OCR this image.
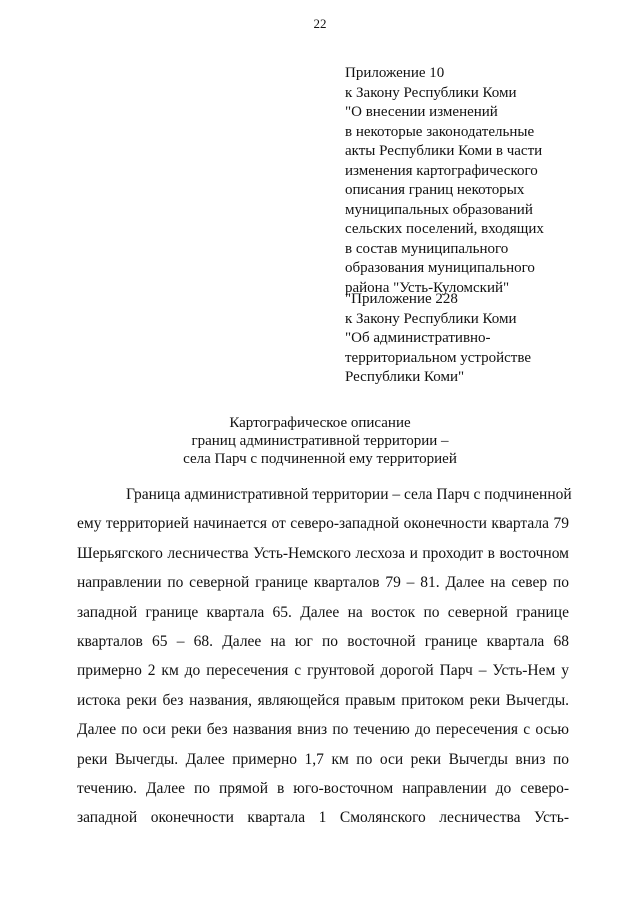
22
Приложение 10
к Закону Республики Коми
"О внесении изменений
в некоторые законодательные
акты Республики Коми в части
изменения картографического
описания границ некоторых
муниципальных образований
сельских поселений, входящих
в состав муниципального
образования муниципального
района "Усть-Куломский"
"Приложение 228
к Закону Республики Коми
"Об административно-
территориальном устройстве
Республики Коми"
Картографическое описание
границ административной территории –
села Парч с подчиненной ему территорией
Граница административной территории – села Парч с подчиненной
ему территорией начинается от северо-западной оконечности квартала 79
Шерьягского лесничества Усть-Немского лесхоза и проходит в восточном
направлении по северной границе кварталов 79 – 81. Далее на север по
западной границе квартала 65. Далее на восток по северной границе
кварталов 65 – 68. Далее на юг по восточной границе квартала 68
примерно 2 км до пересечения с грунтовой дорогой Парч – Усть-Нем у
истока реки без названия, являющейся правым притоком реки Вычегды.
Далее по оси реки без названия вниз по течению до пересечения с осью
реки Вычегды. Далее примерно 1,7 км по оси реки Вычегды вниз по
течению. Далее по прямой в юго-восточном направлении до северо-
западной оконечности квартала 1 Смолянского лесничества Усть-
